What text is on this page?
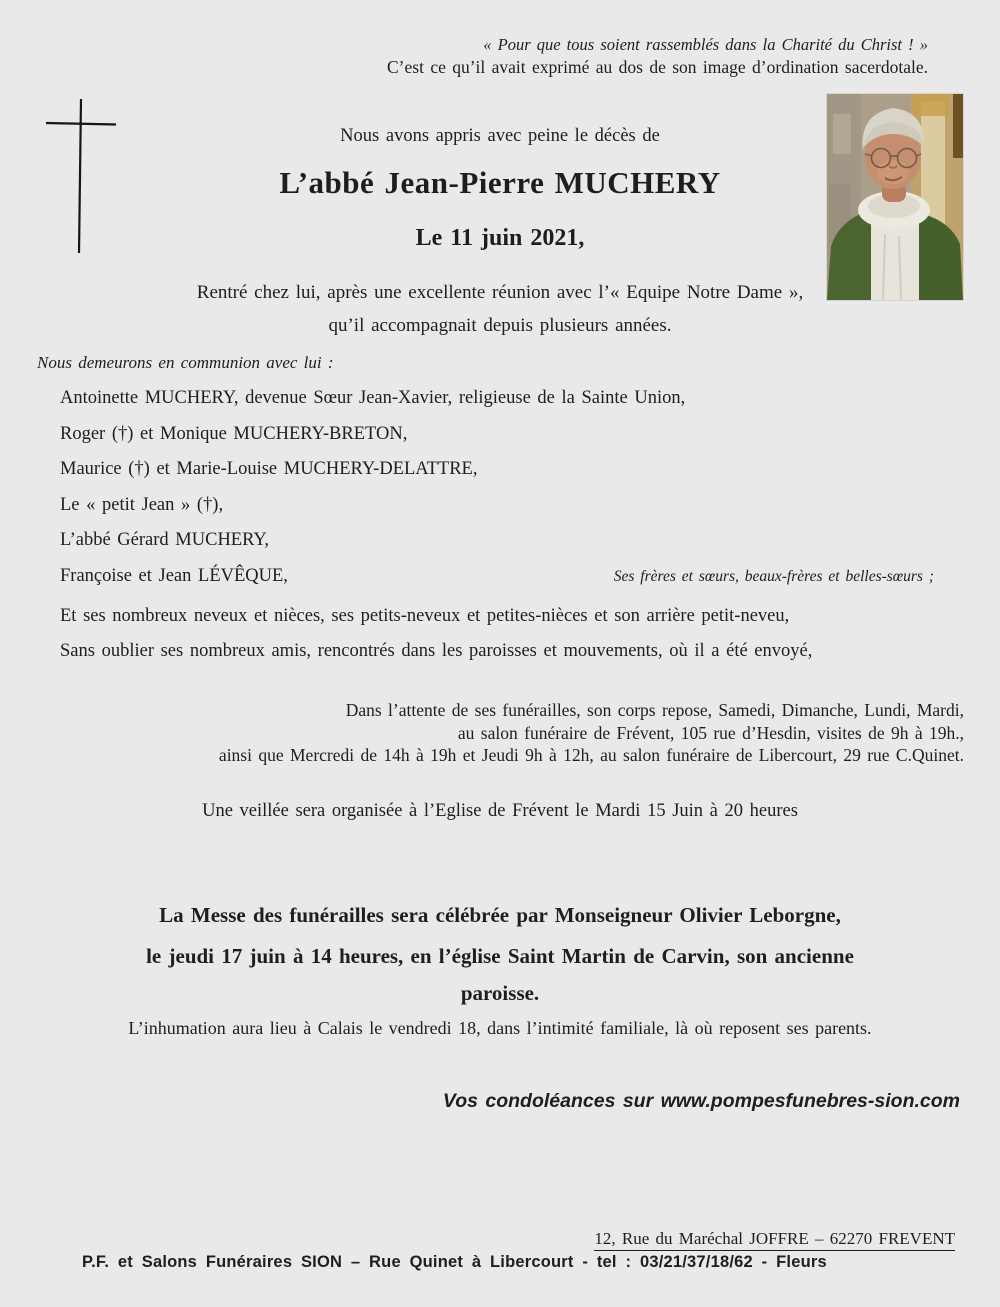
« Pour que tous soient rassemblés dans la Charité du Christ ! »
C’est ce qu’il avait exprimé au dos de son image d’ordination sacerdotale.
Nous avons appris avec peine le décès de
L’abbé Jean-Pierre MUCHERY
Le 11 juin 2021,
Rentré chez lui, après une excellente réunion avec l’« Equipe Notre Dame »,
qu’il accompagnait depuis plusieurs années.
Nous demeurons en communion avec lui :
Antoinette MUCHERY, devenue Sœur Jean-Xavier, religieuse de la Sainte Union,
Roger (†) et Monique MUCHERY-BRETON,
Maurice (†) et Marie-Louise MUCHERY-DELATTRE,
Le « petit Jean » (†),
L’abbé Gérard MUCHERY,
Françoise et Jean LÉVÊQUE,	Ses frères et sœurs, beaux-frères et belles-sœurs ;
Et ses nombreux neveux et nièces, ses petits-neveux et petites-nièces et son arrière petit-neveu,
Sans oublier ses nombreux amis, rencontrés dans les paroisses et mouvements, où il a été envoyé,
Dans l’attente de ses funérailles, son corps repose, Samedi, Dimanche, Lundi, Mardi,
au salon funéraire de Frévent, 105 rue d’Hesdin, visites de 9h à 19h.,
ainsi que Mercredi de 14h à 19h et Jeudi 9h à 12h, au salon funéraire de Libercourt, 29 rue C.Quinet.
Une veillée sera organisée à l’Eglise de Frévent le Mardi 15 Juin à 20 heures
La Messe des funérailles sera célébrée par Monseigneur Olivier Leborgne,
le jeudi 17 juin à 14 heures, en l’église Saint Martin de Carvin, son ancienne
paroisse.
L’inhumation aura lieu à Calais le vendredi 18, dans l’intimité familiale, là où reposent ses parents.
Vos condoléances sur www.pompesfunebres-sion.com
12, Rue du Maréchal JOFFRE – 62270 FREVENT
P.F. et Salons Funéraires SION – Rue Quinet à Libercourt - tel : 03/21/37/18/62 - Fleurs
